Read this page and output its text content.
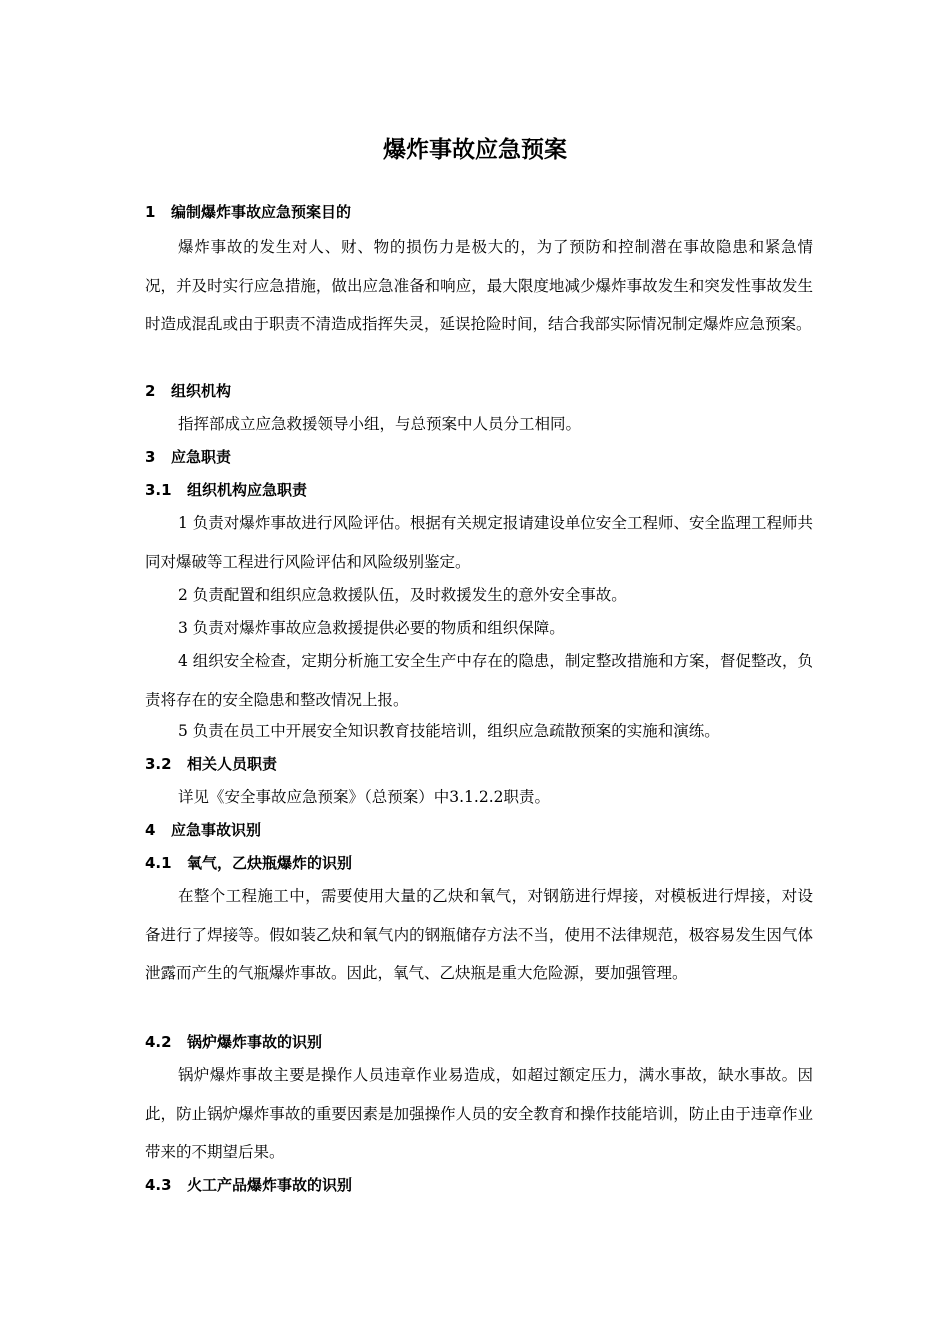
爆炸事故应急预案
1 编制爆炸事故应急预案目的
爆炸事故的发生对人、财、物的损伤力是极大的，为了预防和控制潜在事故隐患和紧急情况，并及时实行应急措施，做出应急准备和响应，最大限度地减少爆炸事故发生和突发性事故发生时造成混乱或由于职责不清造成指挥失灵，延误抢险时间，结合我部实际情况制定爆炸应急预案。
2 组织机构
指挥部成立应急救援领导小组，与总预案中人员分工相同。
3 应急职责
3.1 组织机构应急职责
1 负责对爆炸事故进行风险评估。根据有关规定报请建设单位安全工程师、安全监理工程师共同对爆破等工程进行风险评估和风险级别鉴定。
2 负责配置和组织应急救援队伍，及时救援发生的意外安全事故。
3 负责对爆炸事故应急救援提供必要的物质和组织保障。
4 组织安全检查，定期分析施工安全生产中存在的隐患，制定整改措施和方案，督促整改，负责将存在的安全隐患和整改情况上报。
5 负责在员工中开展安全知识教育技能培训，组织应急疏散预案的实施和演练。
3.2 相关人员职责
详见《安全事故应急预案》（总预案）中3.1.2.2职责。
4 应急事故识别
4.1 氧气，乙炔瓶爆炸的识别
在整个工程施工中，需要使用大量的乙炔和氧气，对钢筋进行焊接，对模板进行焊接，对设备进行了焊接等。假如装乙炔和氧气内的钢瓶储存方法不当，使用不法律规范，极容易发生因气体泄露而产生的气瓶爆炸事故。因此，氧气、乙炔瓶是重大危险源，要加强管理。
4.2 锅炉爆炸事故的识别
锅炉爆炸事故主要是操作人员违章作业易造成，如超过额定压力，满水事故，缺水事故。因此，防止锅炉爆炸事故的重要因素是加强操作人员的安全教育和操作技能培训，防止由于违章作业带来的不期望后果。
4.3 火工产品爆炸事故的识别
